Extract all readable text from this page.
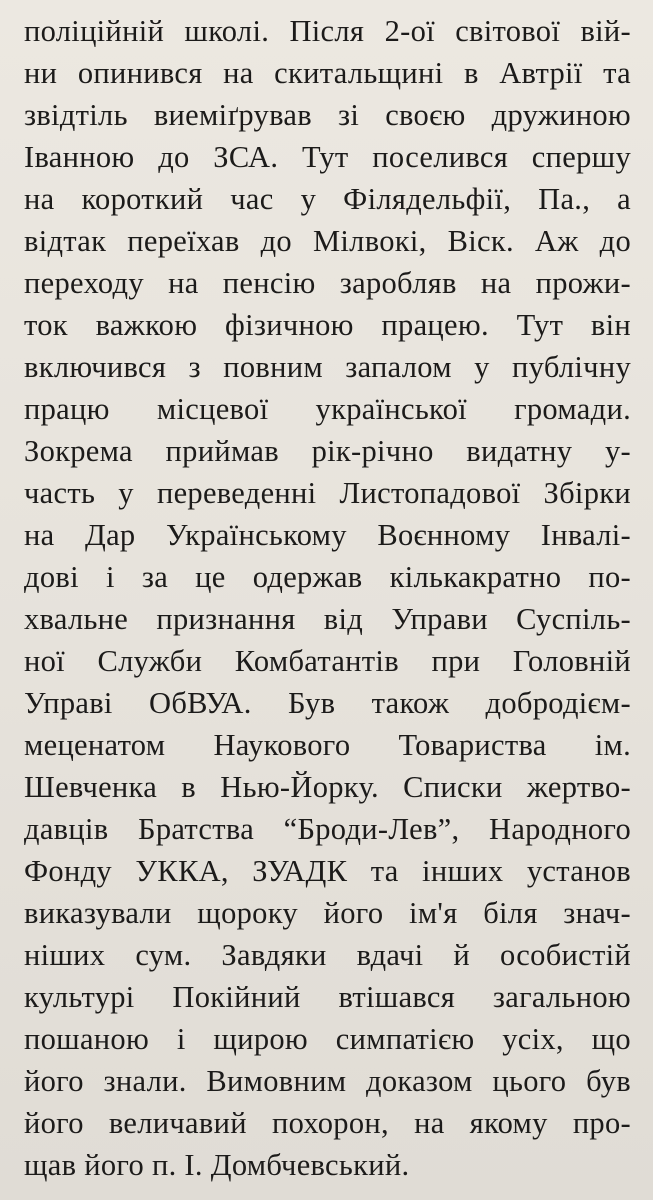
поліційній школі. Після 2-ої світової вій-
ни опинився на скитальщині в Автрії та
звідтіль виеміґрував зі своєю дружиною
Іванною до ЗСА. Тут поселився спершу
на короткий час у Філядельфії, Па., а
відтак переїхав до Мілвокі, Віск. Аж до
переходу на пенсію заробляв на прожи-
ток важкою фізичною працею. Тут він
включився з повним запалом у публічну
працю місцевої української громади.
Зокрема приймав рік-річно видатну у-
часть у переведенні Листопадової Збірки
на Дар Українському Воєнному Інвалі-
дові і за це одержав кількакратно по-
хвальне признання від Управи Суспіль-
ної Служби Комбатантів при Головній
Управі ОбВУА. Був також добродієм-
меценатом Наукового Товариства ім.
Шевченка в Нью-Йорку. Списки жертво-
давців Братства “Броди-Лев”, Народного
Фонду УККА, ЗУАДК та інших установ
виказували щороку його ім'я біля знач-
ніших сум. Завдяки вдачі й особистій
культурі Покійний втішався загальною
пошаною і щирою симпатією усіх, що
його знали. Вимовним доказом цього був
його величавий похорон, на якому про-
щав його п. І. Домбчевський.
